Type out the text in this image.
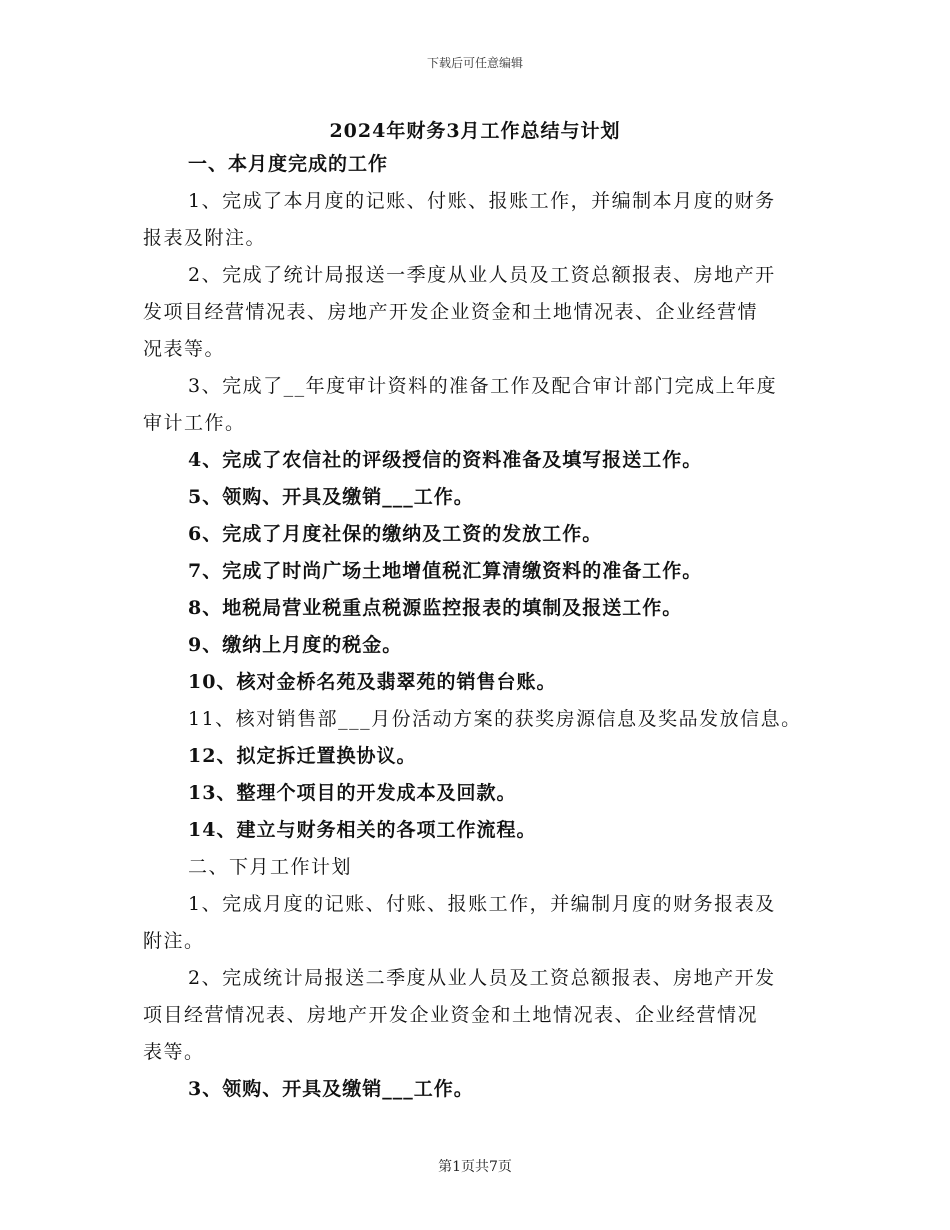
下载后可任意编辑
2024年财务3月工作总结与计划
一、本月度完成的工作
1、完成了本月度的记账、付账、报账工作，并编制本月度的财务
报表及附注。
2、完成了统计局报送一季度从业人员及工资总额报表、房地产开
发项目经营情况表、房地产开发企业资金和土地情况表、企业经营情
况表等。
3、完成了__年度审计资料的准备工作及配合审计部门完成上年度
审计工作。
4、完成了农信社的评级授信的资料准备及填写报送工作。
5、领购、开具及缴销___工作。
6、完成了月度社保的缴纳及工资的发放工作。
7、完成了时尚广场土地增值税汇算清缴资料的准备工作。
8、地税局营业税重点税源监控报表的填制及报送工作。
9、缴纳上月度的税金。
10、核对金桥名苑及翡翠苑的销售台账。
11、核对销售部___月份活动方案的获奖房源信息及奖品发放信息。
12、拟定拆迁置换协议。
13、整理个项目的开发成本及回款。
14、建立与财务相关的各项工作流程。
二、下月工作计划
1、完成月度的记账、付账、报账工作，并编制月度的财务报表及
附注。
2、完成统计局报送二季度从业人员及工资总额报表、房地产开发
项目经营情况表、房地产开发企业资金和土地情况表、企业经营情况
表等。
3、领购、开具及缴销___工作。
第1页共7页
